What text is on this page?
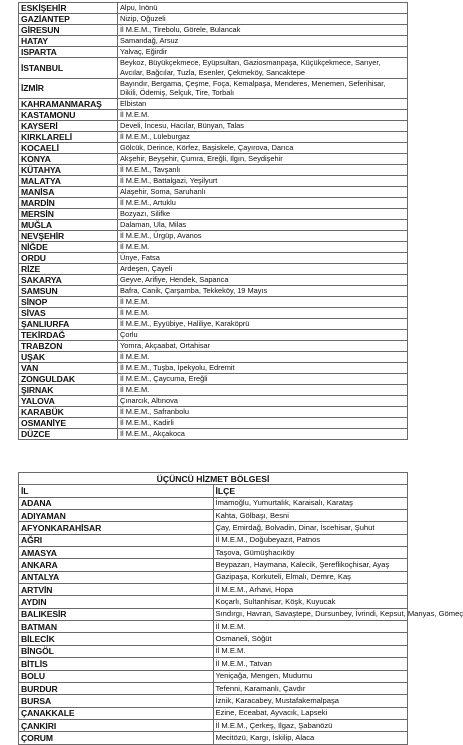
ESKİŞEHİR	Alpu, İnönü
GAZİANTEP	Nizip, Oğuzeli
GİRESUN	İl M.E.M., Tirebolu, Görele, Bulancak
HATAY	Samandağ, Arsuz
ISPARTA	Yalvaç, Eğirdir
İSTANBUL	Beykoz, Büyükçekmece, Eyüpsultan, Gaziosmanpaşa, Küçükçekmece, Sarıyer, Avcılar, Bağcılar, Tuzla, Esenler, Çekmeköy, Sancaktepe
İZMİR	Bayındır, Bergama, Çeşme, Foça, Kemalpaşa, Menderes, Menemen, Seferihisar, Dikili, Ödemiş, Selçuk, Tire, Torbalı
KAHRAMANMARAŞ	Elbistan
KASTAMONU	İl M.E.M.
KAYSERİ	Develi, İncesu, Hacılar, Bünyan, Talas
KIRKLARELİ	İl M.E.M., Lüleburgaz
KOCAELİ	Gölcük, Derince, Körfez, Başiskele, Çayırova, Darıca
KONYA	Akşehir, Beyşehir, Çumra, Ereğli, Ilgın, Seydişehir
KÜTAHYA	İl M.E.M., Tavşanlı
MALATYA	İl M.E.M., Battalgazi, Yeşilyurt
MANİSA	Alaşehir, Soma, Saruhanlı
MARDİN	İl M.E.M., Artuklu
MERSİN	Bozyazı, Silifke
MUĞLA	Dalaman, Ula, Milas
NEVŞEHİR	İl M.E.M., Ürgüp, Avanos
NİĞDE	İl M.E.M.
ORDU	Ünye, Fatsa
RİZE	Ardeşen, Çayeli
SAKARYA	Geyve, Arifiye, Hendek, Sapanca
SAMSUN	Bafra, Canik, Çarşamba, Tekkeköy, 19 Mayıs
SİNOP	İl M.E.M.
SİVAS	İl M.E.M.
ŞANLIURFA	İl M.E.M., Eyyübiye, Haliliye, Karaköprü
TEKİRDAĞ	Çorlu
TRABZON	Yomra, Akçaabat, Ortahisar
UŞAK	İl M.E.M.
VAN	İl M.E.M., Tuşba, İpekyolu, Edremit
ZONGULDAK	İl M.E.M., Çaycuma, Ereğli
ŞIRNAK	İl M.E.M.
YALOVA	Çınarcık, Altınova
KARABÜK	İl M.E.M., Safranbolu
OSMANİYE	İl M.E.M., Kadirli
DÜZCE	İl M.E.M., Akçakoca
ÜÇÜNCÜ HİZMET BÖLGESİ	
İL	İLÇE
ADANA	İmamoğlu, Yumurtalık, Karaisalı, Karataş
ADIYAMAN	Kahta, Gölbaşı, Besni
AFYONKARAHİSAR	Çay, Emirdağ, Bolvadin, Dinar, İscehisar, Şuhut
AĞRI	İl M.E.M., Doğubeyazıt, Patnos
AMASYA	Taşova, Gümüşhacıköy
ANKARA	Beypazarı, Haymana, Kalecik, Şereflikoçhisar, Ayaş
ANTALYA	Gazipaşa, Korkuteli, Elmalı, Demre, Kaş
ARTVİN	İl M.E.M., Arhavi, Hopa
AYDIN	Koçarlı, Sultanhisar, Köşk, Kuyucak
BALIKESİR	Sındırgı, Havran, Savaştepe, Dursunbey, İvrindi, Kepsut, Manyas, Gömeç
BATMAN	İl M.E.M.
BİLECİK	Osmaneli, Söğüt
BİNGÖL	İl M.E.M.
BİTLİS	İl M.E.M., Tatvan
BOLU	Yeniçağa, Mengen, Mudurnu
BURDUR	Tefenni, Karamanlı, Çavdır
BURSA	İznik, Karacabey, Mustafakemalpaşa
ÇANAKKALE	Ezine, Eceabat, Ayvacık, Lapseki
ÇANKIRI	İl M.E.M., Çerkeş, Ilgaz, Şabanözü
ÇORUM	Mecitözü, Kargı, İskilip, Alaca
